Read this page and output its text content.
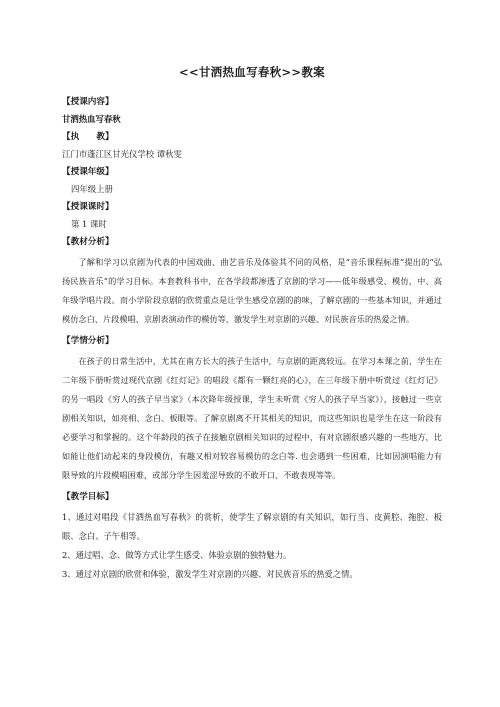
<<甘洒热血写春秋>>教案
【授课内容】
甘洒热血写春秋
【执　　教】
江门市蓬江区甘光仪学校 谭秋雯
【授课年级】
四年级上册
【授课课时】
第 1 课时
【教材分析】

了解和学习以京剧为代表的中国戏曲、曲艺音乐及体验其不同的风格，是“音乐课程标准”提出的“弘扬民族音乐”的学习目标。本套教科书中，在各学段都渗透了京剧的学习——低年级感受、模仿，中、高年级学唱片段。而小学阶段京剧的欣赏重点是让学生感受京剧的韵味，了解京剧的一些基本知识，并通过模仿念白、片段模唱、京剧表演动作的模仿等，激发学生对京剧的兴趣、对民族音乐的热爱之情。

【学情分析】

在孩子的日常生活中，尤其在南方长大的孩子生活中，与京剧的距离较远。在学习本课之前，学生在二年级下册听赏过现代京剧《红灯记》的唱段《都有一颗红亮的心》，在三年级下册中听赏过《红灯记》的另一唱段《穷人的孩子早当家》（本次降年级授课，学生未听赏《穷人的孩子早当家》），接触过一些京剧相关知识，如亮相、念白、板眼等。了解京剧离不开其相关的知识，而这些知识也是学生在这一阶段有必要学习和掌握的。这个年龄段的孩子在接触京剧相关知识的过程中，有对京剧很感兴趣的一些地方，比如能让他们动起来的身段模仿，有趣又相对较容易模仿的念白等. 也会遇到一些困难，比如因演唱能力有限导致的片段模唱困难，或部分学生因羞涩导致的不敢开口、不敢表现等等。

【教学目标】

1、通过对唱段《甘洒热血写春秋》的赏析，使学生了解京剧的有关知识，如行当、皮黄腔、拖腔、板眼、念白、子午相等。

2、通过唱、念、做等方式让学生感受、体验京剧的独特魅力。

3、通过对京剧的欣赏和体验，激发学生对京剧的兴趣、对民族音乐的热爱之情。
